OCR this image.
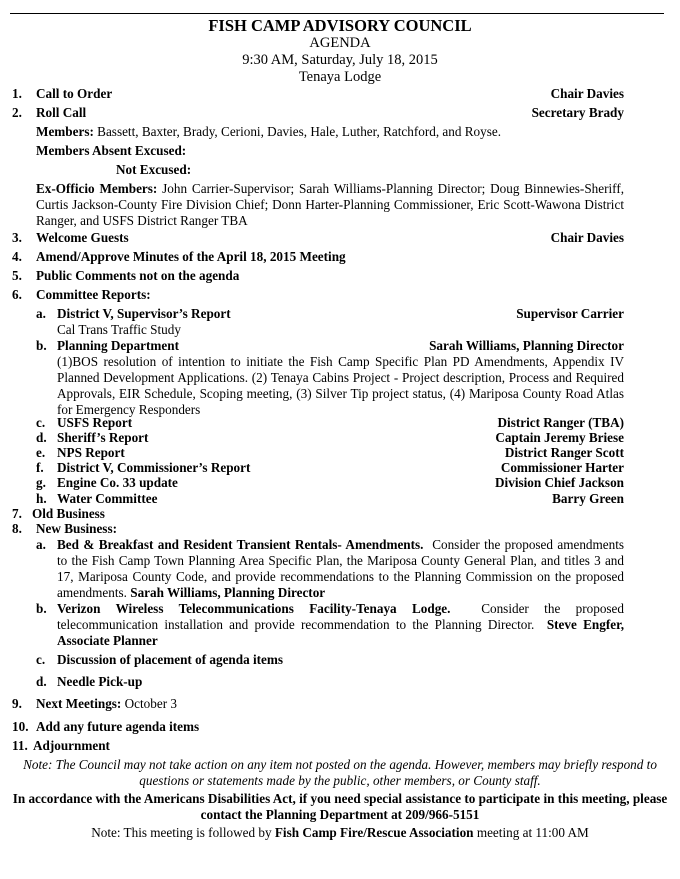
FISH CAMP ADVISORY COUNCIL
AGENDA
9:30 AM, Saturday, July 18, 2015
Tenaya Lodge
1. Call to Order	Chair Davies
2. Roll Call	Secretary Brady
Members: Bassett, Baxter, Brady, Cerioni, Davies, Hale, Luther, Ratchford, and Royse.
Members Absent Excused:
Not Excused:
Ex-Officio Members: John Carrier-Supervisor; Sarah Williams-Planning Director; Doug Binnewies-Sheriff, Curtis Jackson-County Fire Division Chief; Donn Harter-Planning Commissioner, Eric Scott-Wawona District Ranger, and USFS District Ranger TBA
3. Welcome Guests	Chair Davies
4. Amend/Approve Minutes of the April 18, 2015 Meeting
5. Public Comments not on the agenda
6. Committee Reports:
a. District V, Supervisor’s Report	Supervisor Carrier
Cal Trans Traffic Study
b. Planning Department	Sarah Williams, Planning Director
(1)BOS resolution of intention to initiate the Fish Camp Specific Plan PD Amendments, Appendix IV Planned Development Applications. (2) Tenaya Cabins Project - Project description, Process and Required Approvals, EIR Schedule, Scoping meeting, (3) Silver Tip project status, (4) Mariposa County Road Atlas for Emergency Responders
c. USFS Report	District Ranger (TBA)
d. Sheriff’s Report	Captain Jeremy Briese
e. NPS Report	District Ranger Scott
f. District V, Commissioner’s Report	Commissioner Harter
g. Engine Co. 33 update	Division Chief Jackson
h. Water Committee	Barry Green
7. Old Business
8. New Business:
a. Bed & Breakfast and Resident Transient Rentals- Amendments. Consider the proposed amendments to the Fish Camp Town Planning Area Specific Plan, the Mariposa County General Plan, and titles 3 and 17, Mariposa County Code, and provide recommendations to the Planning Commission on the proposed amendments. Sarah Williams, Planning Director
b. Verizon Wireless Telecommunications Facility-Tenaya Lodge. Consider the proposed telecommunication installation and provide recommendation to the Planning Director. Steve Engfer, Associate Planner
c. Discussion of placement of agenda items
d. Needle Pick-up
9. Next Meetings: October 3
10. Add any future agenda items
11. Adjournment
Note: The Council may not take action on any item not posted on the agenda. However, members may briefly respond to questions or statements made by the public, other members, or County staff.
In accordance with the Americans Disabilities Act, if you need special assistance to participate in this meeting, please contact the Planning Department at 209/966-5151
Note: This meeting is followed by Fish Camp Fire/Rescue Association meeting at 11:00 AM
